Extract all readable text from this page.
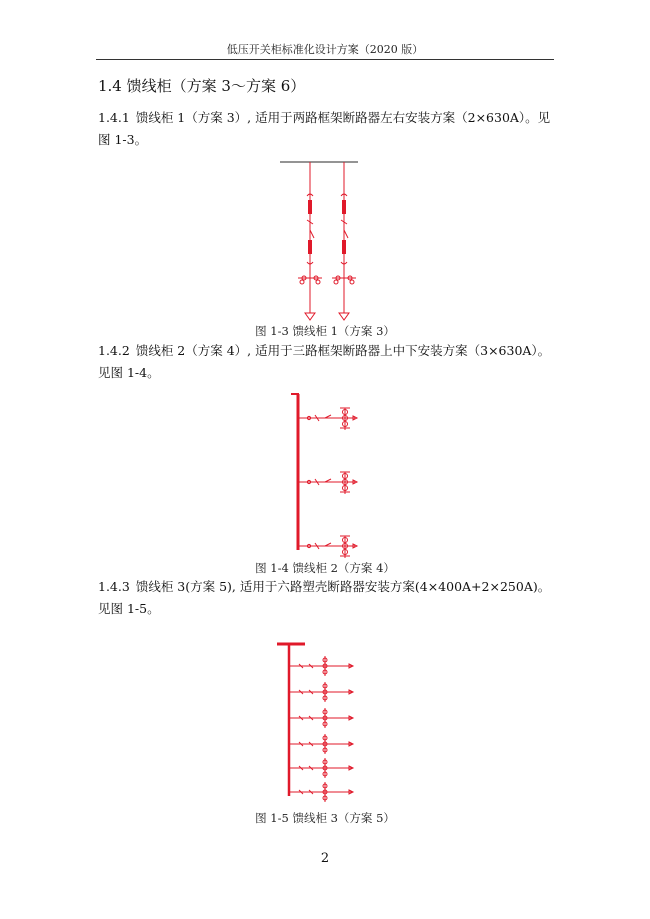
低压开关柜标准化设计方案（2020 版）
1.4 馈线柜（方案 3～方案 6）
1.4.1 馈线柜 1（方案 3）, 适用于两路框架断路器左右安装方案（2×630A）。见
图 1-3。
图 1-3 馈线柜 1（方案 3）
1.4.2 馈线柜 2（方案 4）, 适用于三路框架断路器上中下安装方案（3×630A）。
见图 1-4。
图 1-4 馈线柜 2（方案 4）
1.4.3 馈线柜 3(方案 5), 适用于六路塑壳断路器安装方案(4×400A+2×250A)。
见图 1-5。
图 1-5 馈线柜 3（方案 5）
2
